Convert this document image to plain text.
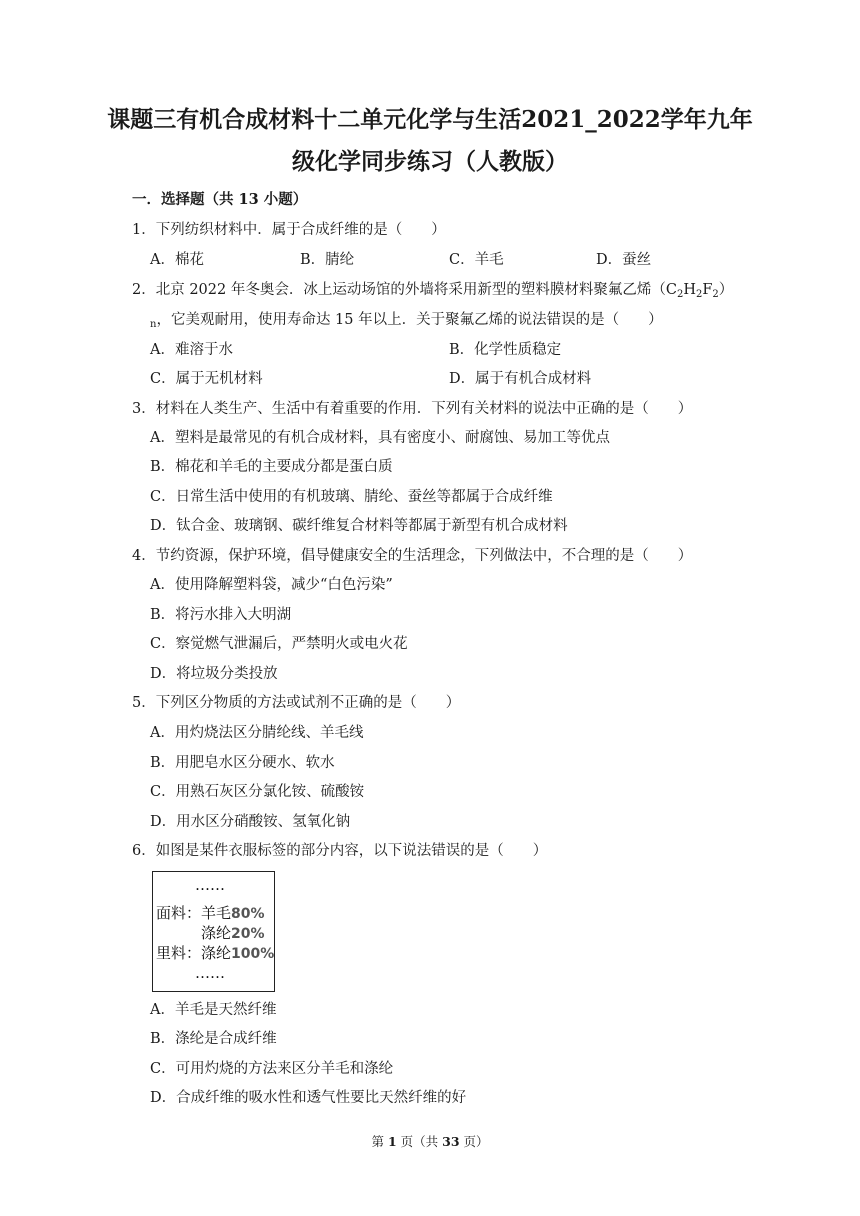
课题三有机合成材料十二单元化学与生活2021_2022学年九年
级化学同步练习（人教版）
一．选择题（共 13 小题）
1．下列纺织材料中．属于合成纤维的是（　　）
A．棉花	B．腈纶	C．羊毛	D．蚕丝
2．北京 2022 年冬奥会．冰上运动场馆的外墙将采用新型的塑料膜材料聚氟乙烯$(C_2H_2F_2)$
$_n$，它美观耐用，使用寿命达 15 年以上．关于聚氟乙烯的说法错误的是（　　）
A．难溶于水	B．化学性质稳定
C．属于无机材料	D．属于有机合成材料
3．材料在人类生产、生活中有着重要的作用．下列有关材料的说法中正确的是（　　）
A．塑料是最常见的有机合成材料，具有密度小、耐腐蚀、易加工等优点
B．棉花和羊毛的主要成分都是蛋白质
C．日常生活中使用的有机玻璃、腈纶、蚕丝等都属于合成纤维
D．钛合金、玻璃钢、碳纤维复合材料等都属于新型有机合成材料
4．节约资源，保护环境，倡导健康安全的生活理念，下列做法中，不合理的是（　　）
A．使用降解塑料袋，减少“白色污染”
B．将污水排入大明湖
C．察觉燃气泄漏后，严禁明火或电火花
D．将垃圾分类投放
5．下列区分物质的方法或试剂不正确的是（　　）
A．用灼烧法区分腈纶线、羊毛线
B．用肥皂水区分硬水、软水
C．用熟石灰区分氯化铵、硫酸铵
D．用水区分硝酸铵、氢氧化钠
6．如图是某件衣服标签的部分内容，以下说法错误的是（　　）
……
面料：羊毛80%
涤纶20%
里料：涤纶100%
……
A．羊毛是天然纤维
B．涤纶是合成纤维
C．可用灼烧的方法来区分羊毛和涤纶
D．合成纤维的吸水性和透气性要比天然纤维的好
第 1 页（共 33 页）
